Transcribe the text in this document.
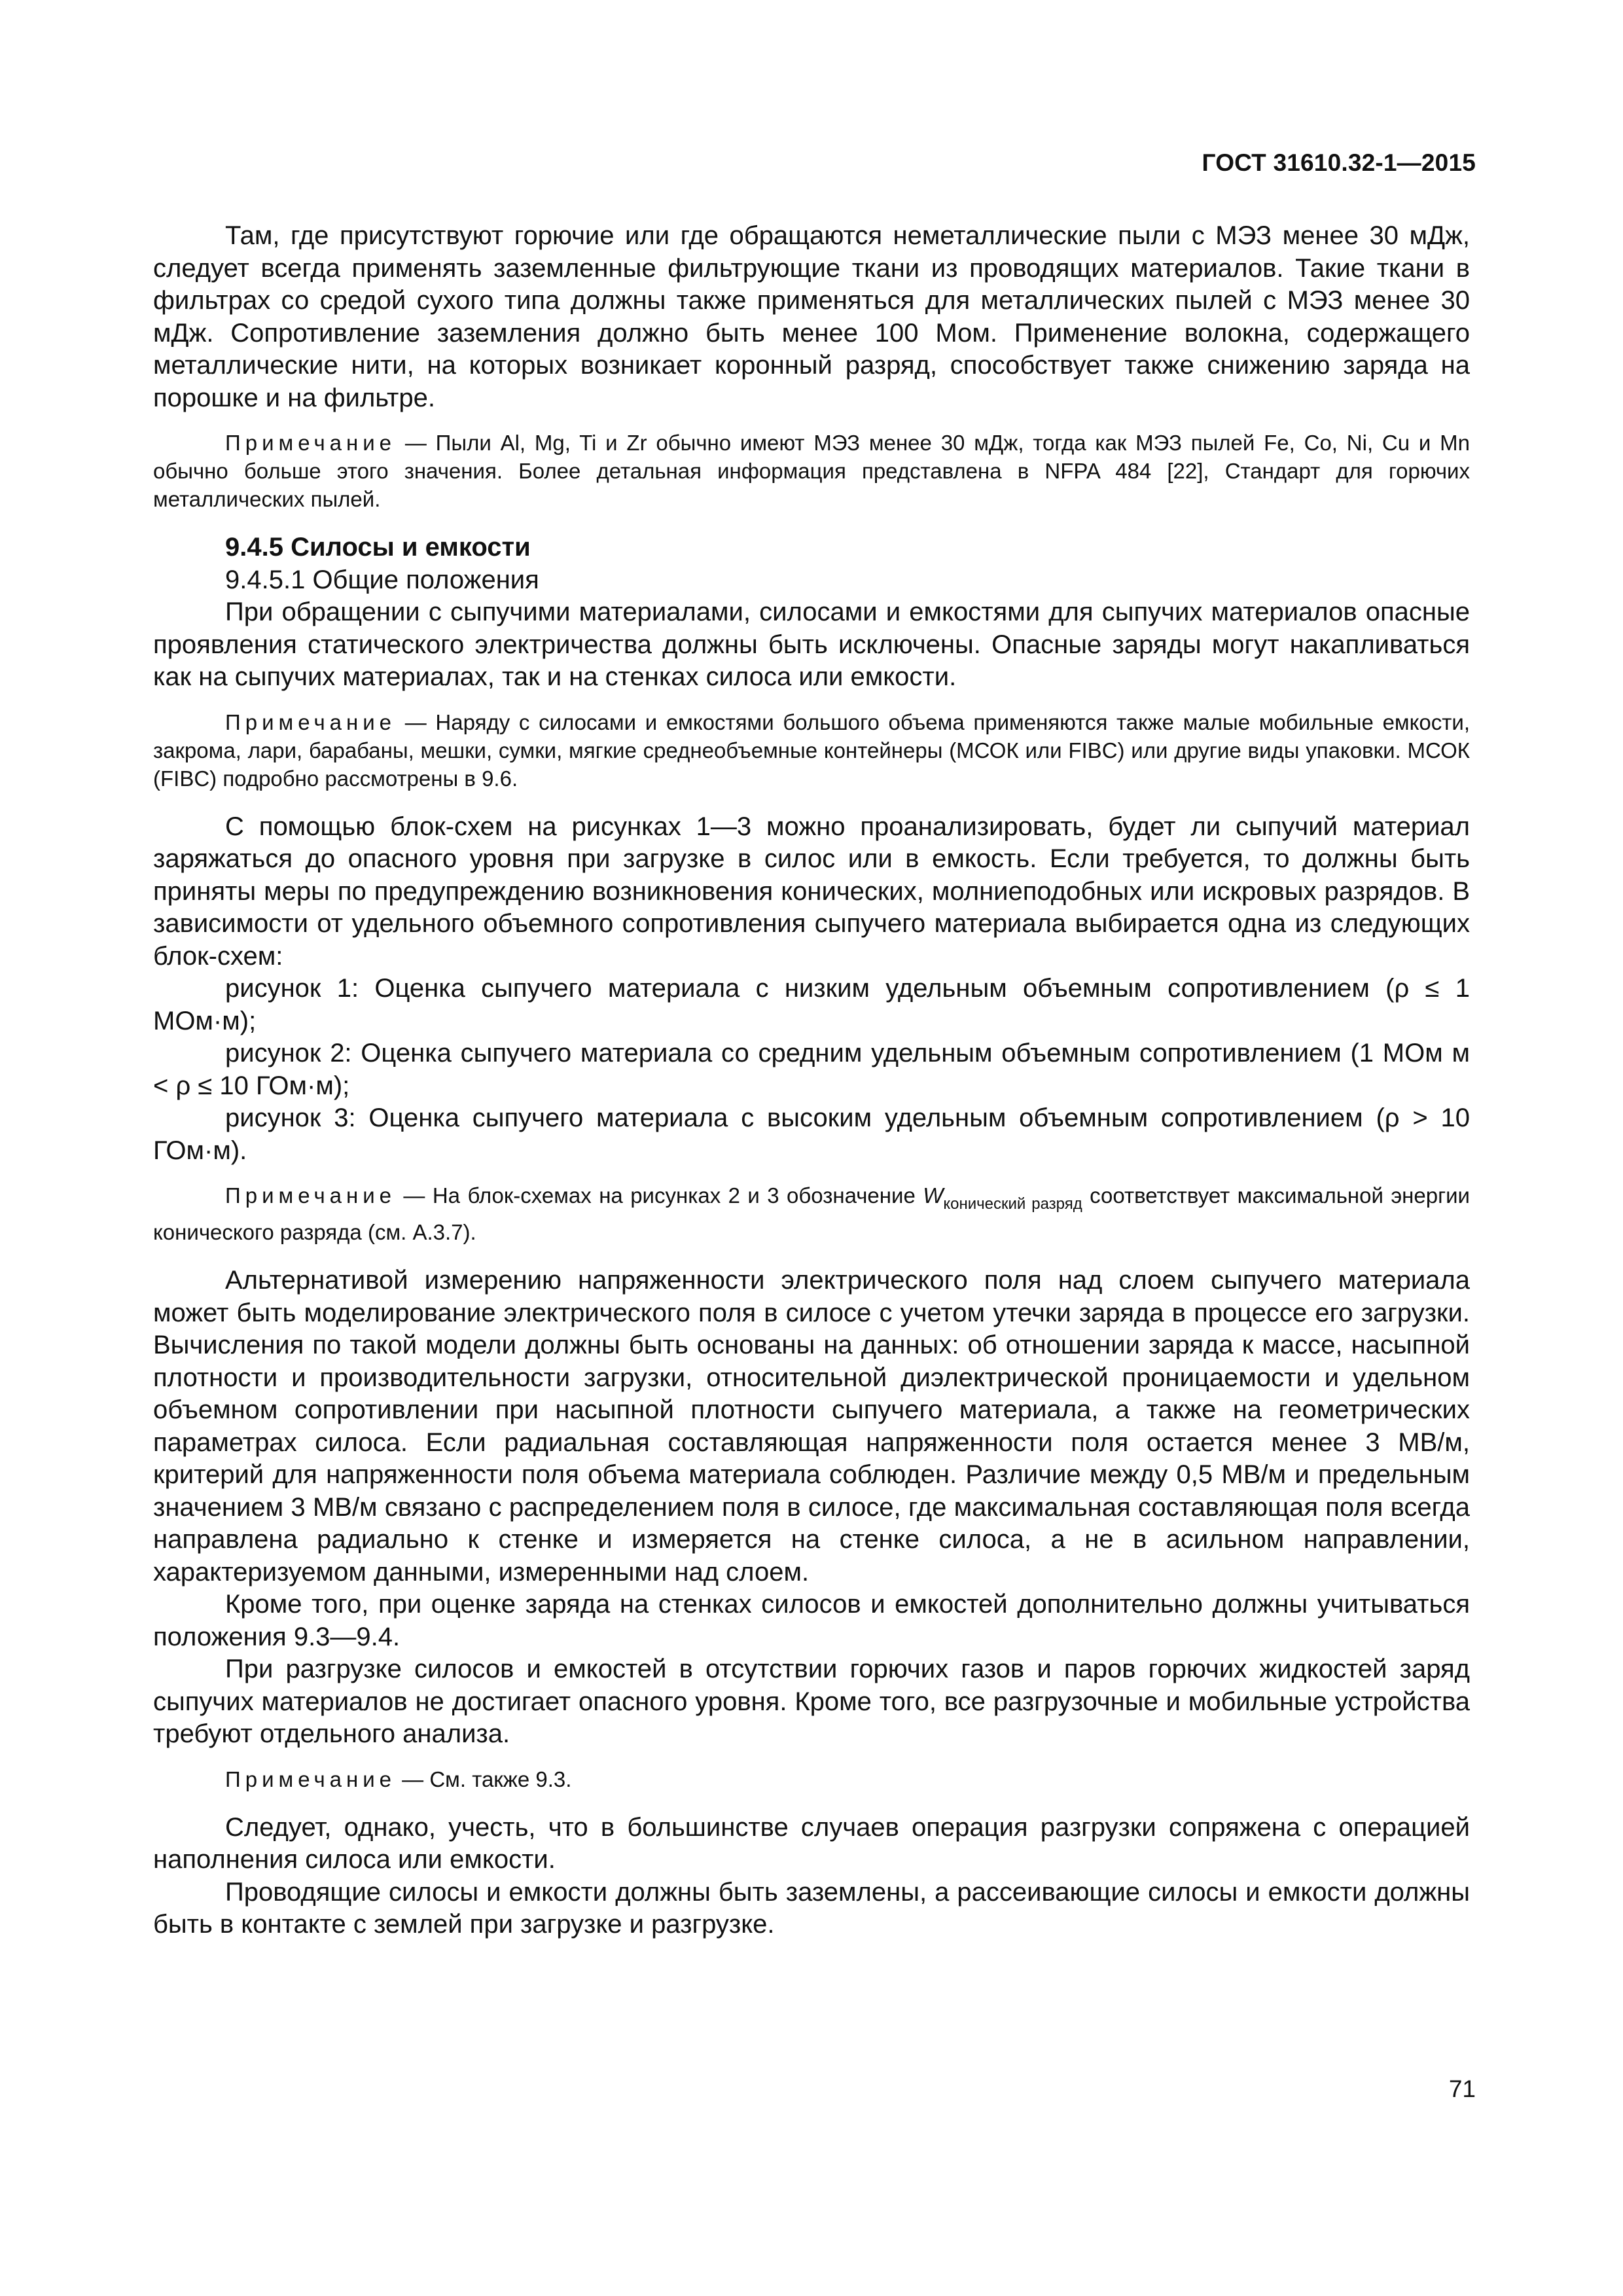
ГОСТ 31610.32-1—2015

Там, где присутствуют горючие или где обращаются неметаллические пыли с МЭЗ менее 30 мДж, следует всегда применять заземленные фильтрующие ткани из проводящих материалов. Такие ткани в фильтрах со средой сухого типа должны также применяться для металлических пылей с МЭЗ менее 30 мДж. Сопротивление заземления должно быть менее 100 Мом. Применение волокна, содержащего металлические нити, на которых возникает коронный разряд, способствует также снижению заряда на порошке и на фильтре.

Примечание — Пыли Al, Mg, Ti и Zr обычно имеют МЭЗ менее 30 мДж, тогда как МЭЗ пылей Fe, Co, Ni, Cu и Mn обычно больше этого значения. Более детальная информация представлена в NFPA 484 [22], Стандарт для горючих металлических пылей.

9.4.5 Силосы и емкости

9.4.5.1 Общие положения

При обращении с сыпучими материалами, силосами и емкостями для сыпучих материалов опасные проявления статического электричества должны быть исключены. Опасные заряды могут накапливаться как на сыпучих материалах, так и на стенках силоса или емкости.

Примечание — Наряду с силосами и емкостями большого объема применяются также малые мобильные емкости, закрома, лари, барабаны, мешки, сумки, мягкие среднеобъемные контейнеры (МСОК или FIBC) или другие виды упаковки. МСОК (FIBC) подробно рассмотрены в 9.6.

С помощью блок-схем на рисунках 1—3 можно проанализировать, будет ли сыпучий материал заряжаться до опасного уровня при загрузке в силос или в емкость. Если требуется, то должны быть приняты меры по предупреждению возникновения конических, молниеподобных или искровых разрядов. В зависимости от удельного объемного сопротивления сыпучего материала выбирается одна из следующих блок-схем:

рисунок 1: Оценка сыпучего материала с низким удельным объемным сопротивлением (ρ ≤ 1 МОм·м);

рисунок 2: Оценка сыпучего материала со средним удельным объемным сопротивлением (1 МОм м < ρ ≤ 10 ГОм·м);

рисунок 3: Оценка сыпучего материала с высоким удельным объемным сопротивлением (ρ > 10 ГОм·м).

Примечание — На блок-схемах на рисунках 2 и 3 обозначение $W_{конический разряд}$ соответствует максимальной энергии конического разряда (см. А.3.7).

Альтернативой измерению напряженности электрического поля над слоем сыпучего материала может быть моделирование электрического поля в силосе с учетом утечки заряда в процессе его загрузки. Вычисления по такой модели должны быть основаны на данных: об отношении заряда к массе, насыпной плотности и производительности загрузки, относительной диэлектрической проницаемости и удельном объемном сопротивлении при насыпной плотности сыпучего материала, а также на геометрических параметрах силоса. Если радиальная составляющая напряженности поля остается менее 3 МВ/м, критерий для напряженности поля объема материала соблюден. Различие между 0,5 МВ/м и предельным значением 3 МВ/м связано с распределением поля в силосе, где максимальная составляющая поля всегда направлена радиально к стенке и измеряется на стенке силоса, а не в асильном направлении, характеризуемом данными, измеренными над слоем.

Кроме того, при оценке заряда на стенках силосов и емкостей дополнительно должны учитываться положения 9.3—9.4.

При разгрузке силосов и емкостей в отсутствии горючих газов и паров горючих жидкостей заряд сыпучих материалов не достигает опасного уровня. Кроме того, все разгрузочные и мобильные устройства требуют отдельного анализа.

Примечание — См. также 9.3.

Следует, однако, учесть, что в большинстве случаев операция разгрузки сопряжена с операцией наполнения силоса или емкости.

Проводящие силосы и емкости должны быть заземлены, а рассеивающие силосы и емкости должны быть в контакте с землей при загрузке и разгрузке.

71
